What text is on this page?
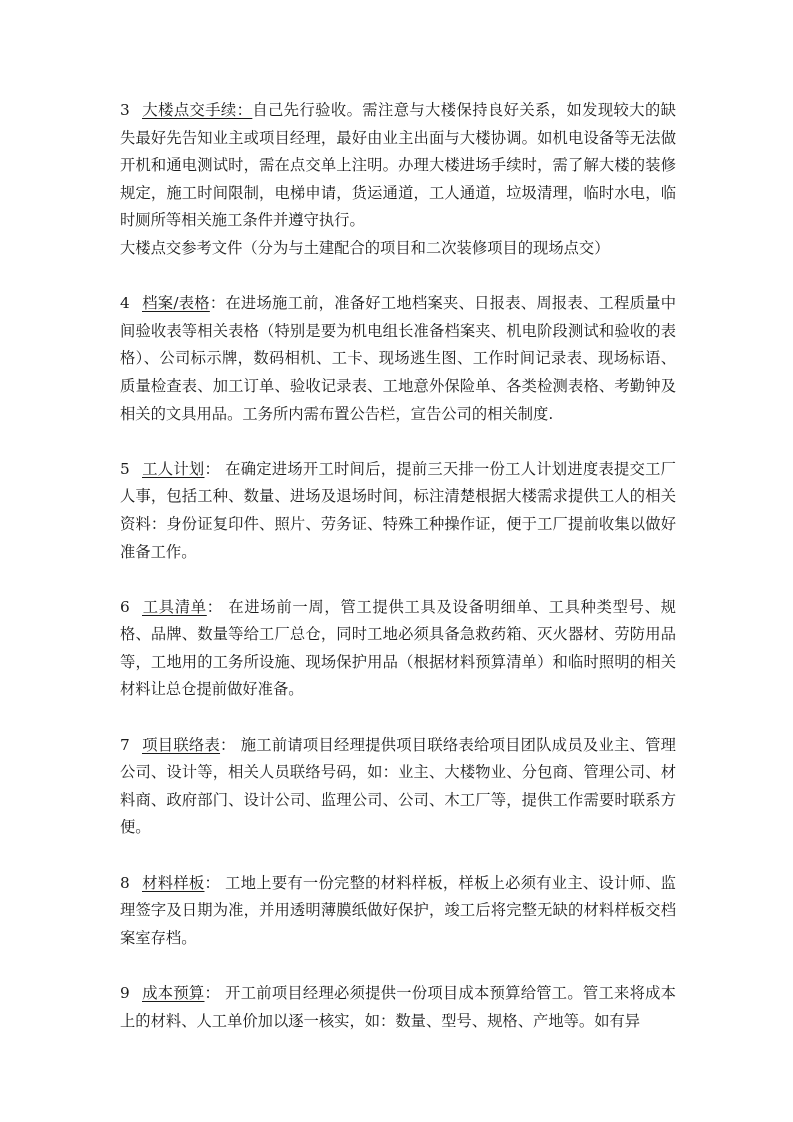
3 大楼点交手续：自己先行验收。需注意与大楼保持良好关系，如发现较大的缺失最好先告知业主或项目经理，最好由业主出面与大楼协调。如机电设备等无法做开机和通电测试时，需在点交单上注明。办理大楼进场手续时，需了解大楼的装修规定，施工时间限制，电梯申请，货运通道，工人通道，垃圾清理，临时水电，临时厕所等相关施工条件并遵守执行。

大楼点交参考文件（分为与土建配合的项目和二次装修项目的现场点交）

4 档案/表格：在进场施工前，准备好工地档案夹、日报表、周报表、工程质量中间验收表等相关表格（特别是要为机电组长准备档案夹、机电阶段测试和验收的表格）、公司标示牌，数码相机、工卡、现场逃生图、工作时间记录表、现场标语、质量检查表、加工订单、验收记录表、工地意外保险单、各类检测表格、考勤钟及相关的文具用品。工务所内需布置公告栏，宣告公司的相关制度.

5 工人计划： 在确定进场开工时间后，提前三天排一份工人计划进度表提交工厂人事，包括工种、数量、进场及退场时间，标注清楚根据大楼需求提供工人的相关资料：身份证复印件、照片、劳务证、特殊工种操作证，便于工厂提前收集以做好准备工作。

6 工具清单： 在进场前一周，管工提供工具及设备明细单、工具种类型号、规格、品牌、数量等给工厂总仓，同时工地必须具备急救药箱、灭火器材、劳防用品等，工地用的工务所设施、现场保护用品（根据材料预算清单）和临时照明的相关材料让总仓提前做好准备。

7 项目联络表： 施工前请项目经理提供项目联络表给项目团队成员及业主、管理公司、设计等，相关人员联络号码，如：业主、大楼物业、分包商、管理公司、材料商、政府部门、设计公司、监理公司、公司、木工厂等，提供工作需要时联系方便。

8 材料样板： 工地上要有一份完整的材料样板，样板上必须有业主、设计师、监理签字及日期为准，并用透明薄膜纸做好保护，竣工后将完整无缺的材料样板交档案室存档。

9 成本预算： 开工前项目经理必须提供一份项目成本预算给管工。管工来将成本上的材料、人工单价加以逐一核实，如：数量、型号、规格、产地等。如有异
